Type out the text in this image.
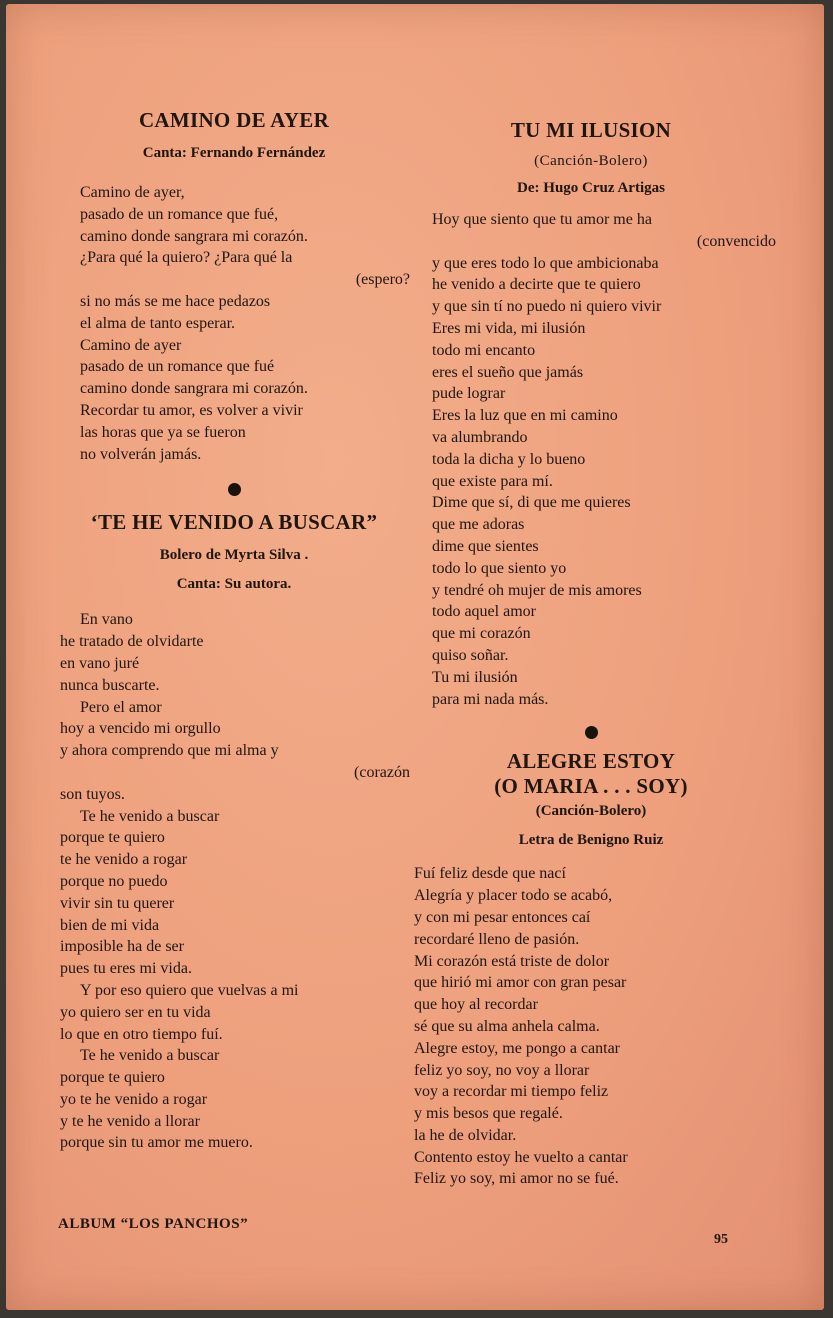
CAMINO DE AYER

Canta: Fernando Fernández

Camino de ayer,
pasado de un romance que fué,
camino donde sangrara mi corazón.
¿Para qué la quiero? ¿Para qué la
(espero?
si no más se me hace pedazos
el alma de tanto esperar.
Camino de ayer
pasado de un romance que fué
camino donde sangrara mi corazón.
Recordar tu amor, es volver a vivir
las horas que ya se fueron
no volverán jamás.
‘TE HE VENIDO A BUSCAR”

Bolero de Myrta Silva .

Canta: Su autora.

En vano
he tratado de olvidarte
en vano juré
nunca buscarte.
Pero el amor
hoy a vencido mi orgullo
y ahora comprendo que mi alma y
(corazón
son tuyos.
Te he venido a buscar
porque te quiero
te he venido a rogar
porque no puedo
vivir sin tu querer
bien de mi vida
imposible ha de ser
pues tu eres mi vida.
Y por eso quiero que vuelvas a mi
yo quiero ser en tu vida
lo que en otro tiempo fuí.
Te he venido a buscar
porque te quiero
yo te he venido a rogar
y te he venido a llorar
porque sin tu amor me muero.
TU MI ILUSION

(Canción-Bolero)

De: Hugo Cruz Artigas

Hoy que siento que tu amor me ha
(convencido
y que eres todo lo que ambicionaba
he venido a decirte que te quiero
y que sin tí no puedo ni quiero vivir
Eres mi vida, mi ilusión
todo mi encanto
eres el sueño que jamás
pude lograr
Eres la luz que en mi camino
va alumbrando
toda la dicha y lo bueno
que existe para mí.
Dime que sí, di que me quieres
que me adoras
dime que sientes
todo lo que siento yo
y tendré oh mujer de mis amores
todo aquel amor
que mi corazón
quiso soñar.
Tu mi ilusión
para mi nada más.
ALEGRE ESTOY
(O MARIA . . . SOY)

(Canción-Bolero)

Letra de Benigno Ruiz

Fuí feliz desde que nací
Alegría y placer todo se acabó,
y con mi pesar entonces caí
recordaré lleno de pasión.
Mi corazón está triste de dolor
que hirió mi amor con gran pesar
que hoy al recordar
sé que su alma anhela calma.
Alegre estoy, me pongo a cantar
feliz yo soy, no voy a llorar
voy a recordar mi tiempo feliz
y mis besos que regalé.
la he de olvidar.
Contento estoy he vuelto a cantar
Feliz yo soy, mi amor no se fué.
ALBUM “LOS PANCHOS”
95
